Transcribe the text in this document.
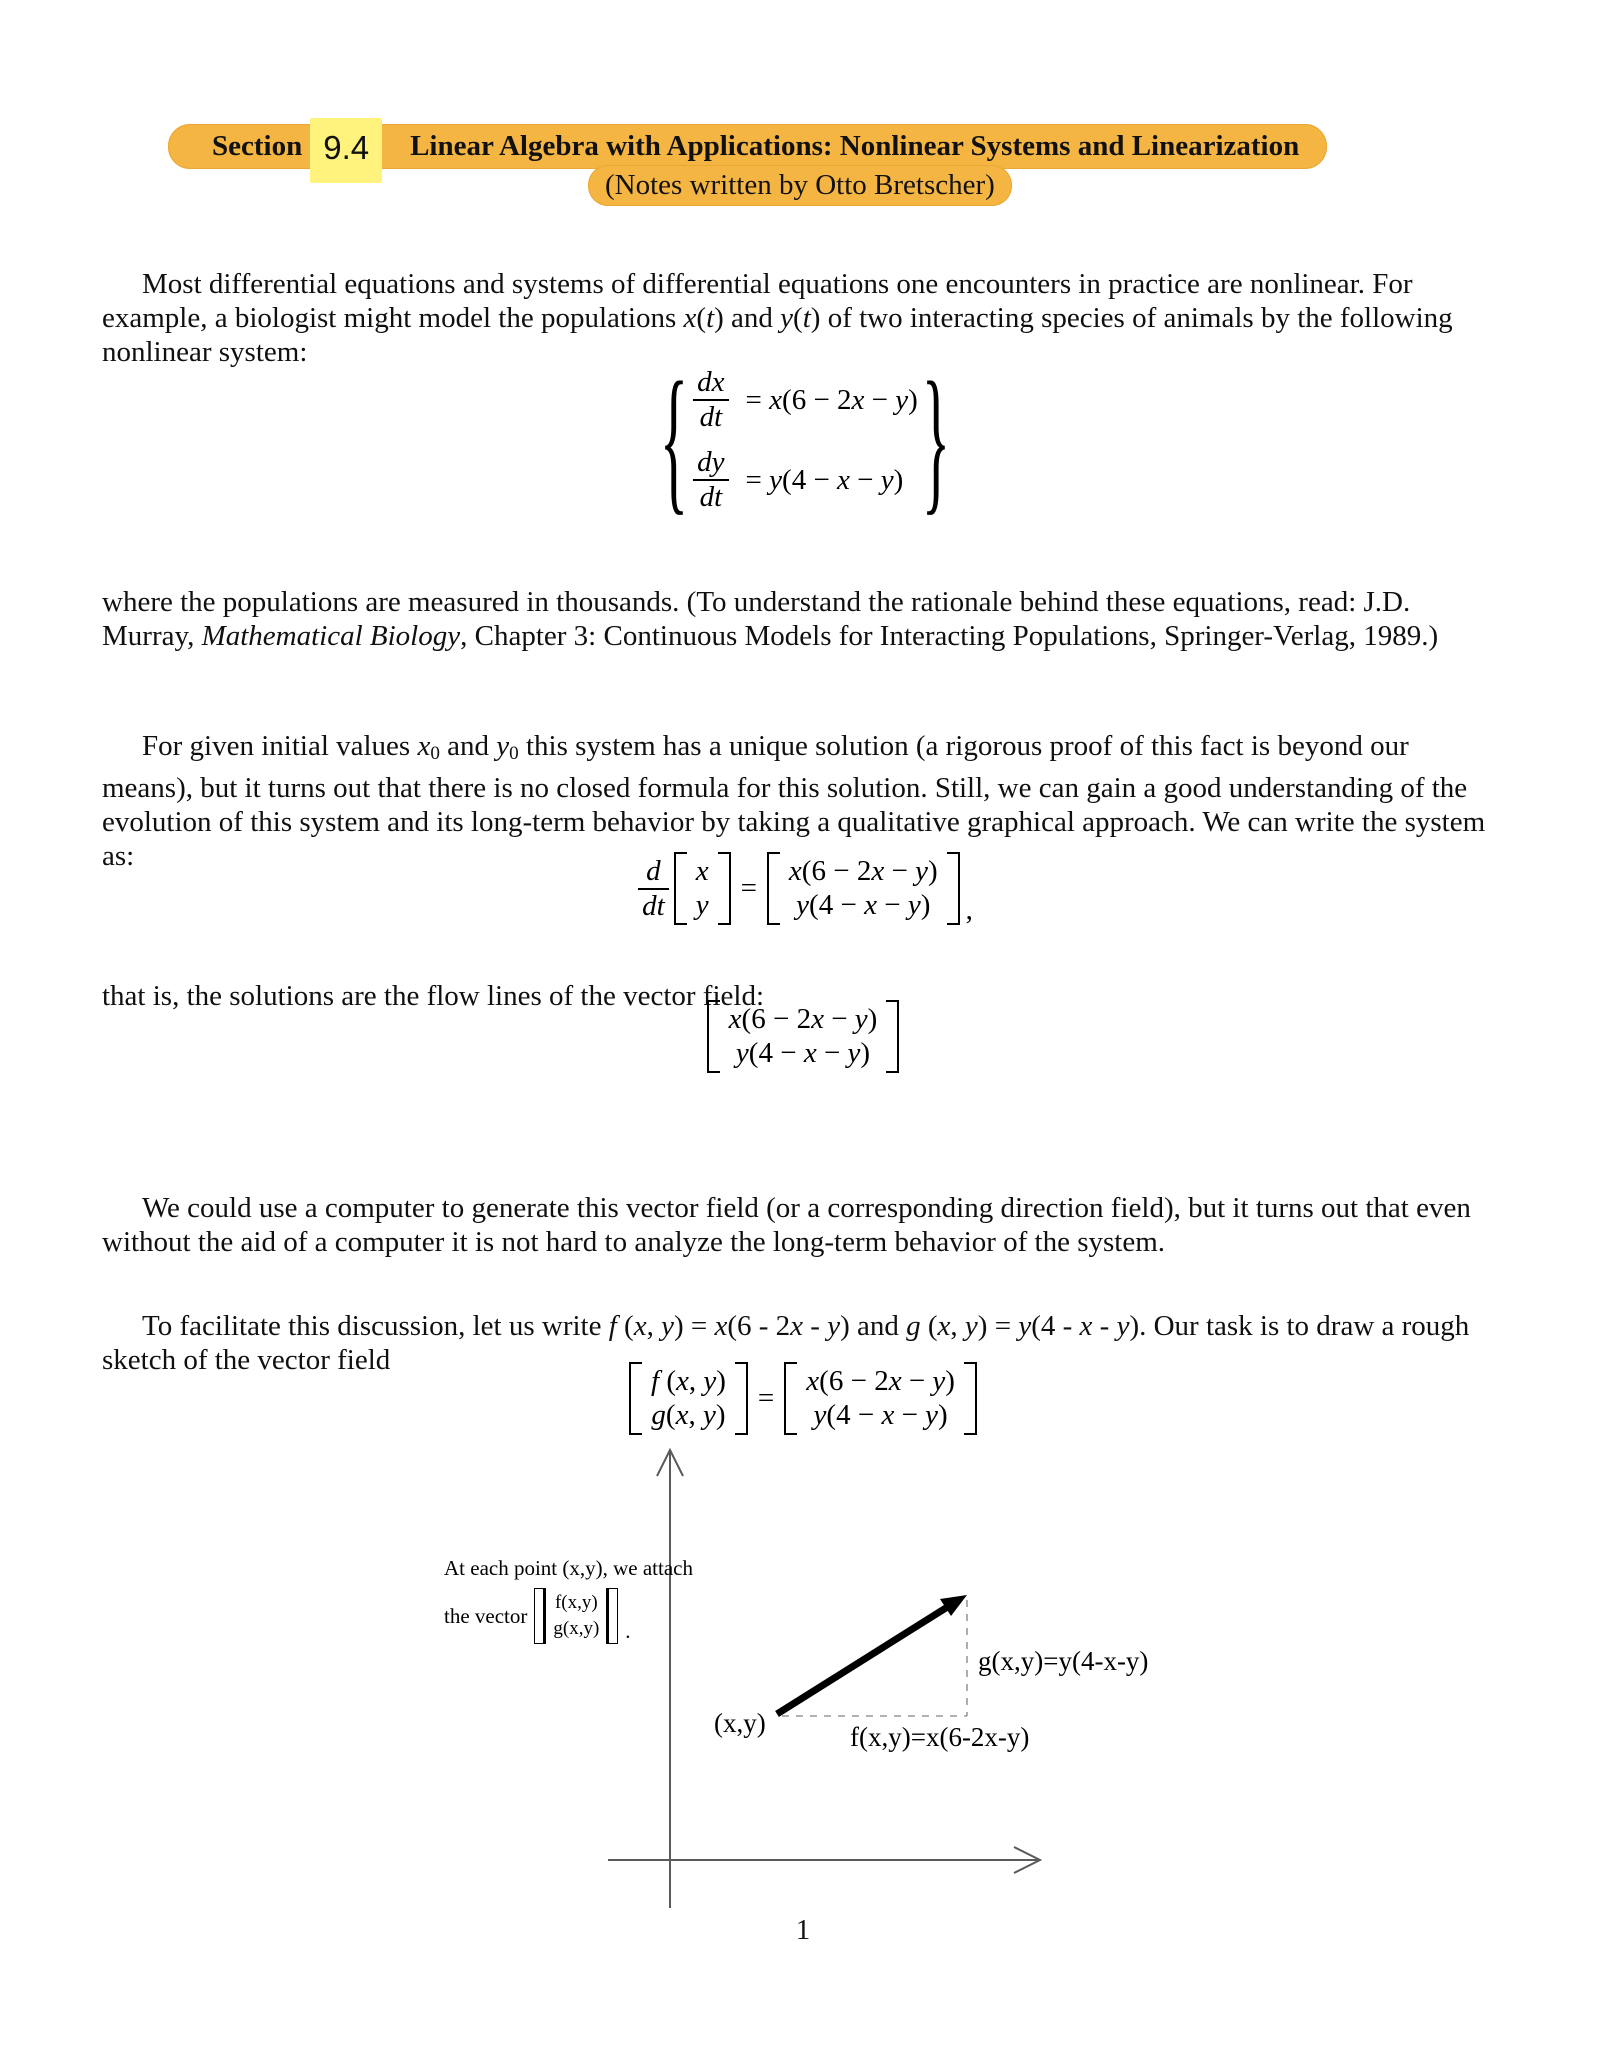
Section 9.4	Linear Algebra with Applications: Nonlinear Systems and Linearization
(Notes written by Otto Bretscher)

Most differential equations and systems of differential equations one encounters in practice are nonlinear. For example, a biologist might model the populations x(t) and y(t) of two interacting species of animals by the following nonlinear system:	{ $\frac{dx}{dt} = x(6 - 2x - y)$
$\frac{dy}{dt} = y(4 - x - y)$ }

where the populations are measured in thousands. (To understand the rationale behind these equations, read: J.D. Murray, Mathematical Biology, Chapter 3: Continuous Models for Interacting Populations, Springer-Verlag, 1989.)

For given initial values x0 and y0 this system has a unique solution (a rigorous proof of this fact is beyond our means), but it turns out that there is no closed formula for this solution. Still, we can gain a good understanding of the evolution of this system and its long-term behavior by taking a qualitative graphical approach. We can write the system as:	$\frac{d}{dt}$ x
y
=
x(6 − 2x − y)
y(4 − x − y) ,

that is, the solutions are the flow lines of the vector field:

x(6 − 2x − y)
y(4 − x − y)

We could use a computer to generate this vector field (or a corresponding direction field), but it turns out that even without the aid of a computer it is not hard to analyze the long-term behavior of the system.

To facilitate this discussion, let us write f (x, y) = x(6 - 2x - y) and g (x, y) = y(4 - x - y). Our task is to draw a rough sketch of the vector field

f (x, y)
g(x, y)
=
x(6 − 2x − y)
y(4 − x − y)
At each point (x,y), we attach
the vector
f(x,y)
g(x,y) .
(x,y)	f(x,y)=x(6-2x-y)
g(x,y)=y(4-x-y)
1
